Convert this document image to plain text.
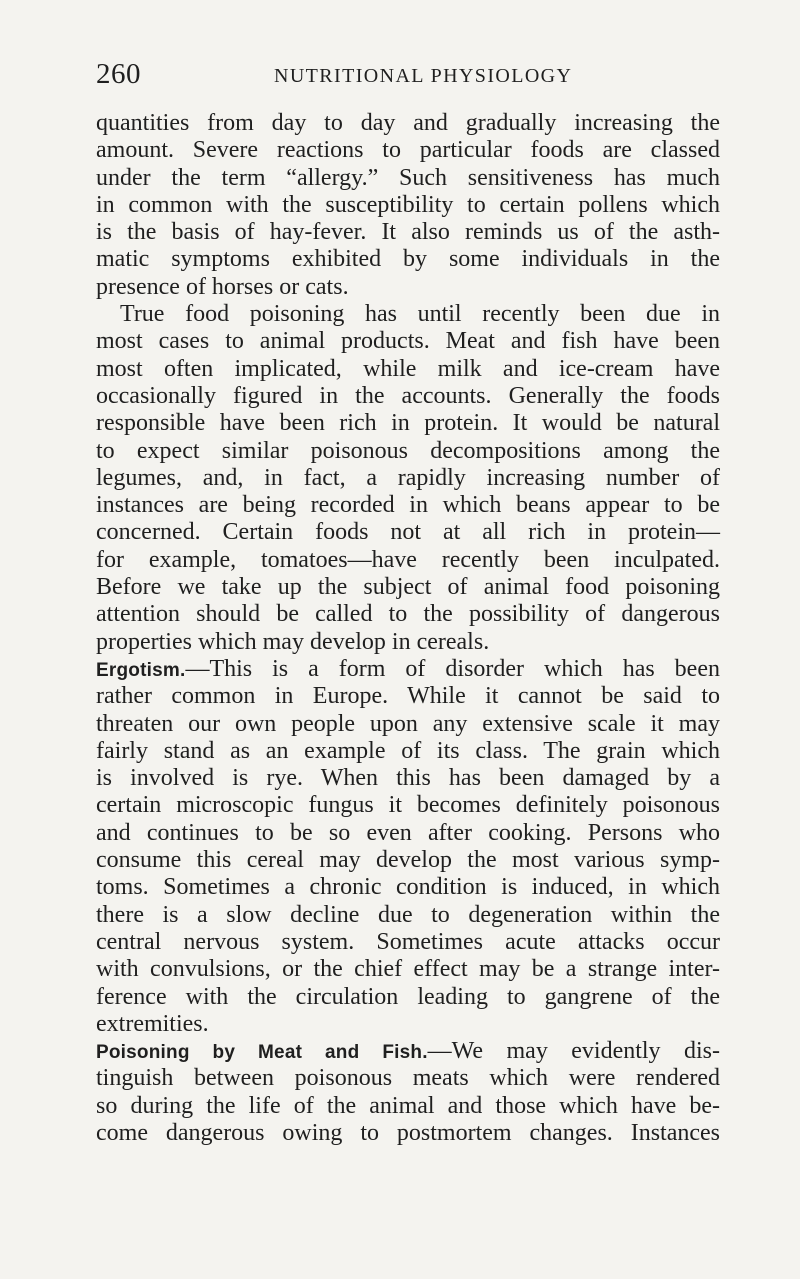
260	NUTRITIONAL PHYSIOLOGY
quantities from day to day and gradually increasing the
amount. Severe reactions to particular foods are classed
under the term “allergy.” Such sensitiveness has much
in common with the susceptibility to certain pollens which
is the basis of hay-fever. It also reminds us of the asth-
matic symptoms exhibited by some individuals in the
presence of horses or cats.
True food poisoning has until recently been due in
most cases to animal products. Meat and fish have been
most often implicated, while milk and ice-cream have
occasionally figured in the accounts. Generally the foods
responsible have been rich in protein. It would be natural
to expect similar poisonous decompositions among the
legumes, and, in fact, a rapidly increasing number of
instances are being recorded in which beans appear to be
concerned. Certain foods not at all rich in protein—
for example, tomatoes—have recently been inculpated.
Before we take up the subject of animal food poisoning
attention should be called to the possibility of dangerous
properties which may develop in cereals.
Ergotism.—This is a form of disorder which has been
rather common in Europe. While it cannot be said to
threaten our own people upon any extensive scale it may
fairly stand as an example of its class. The grain which
is involved is rye. When this has been damaged by a
certain microscopic fungus it becomes definitely poisonous
and continues to be so even after cooking. Persons who
consume this cereal may develop the most various symp-
toms. Sometimes a chronic condition is induced, in which
there is a slow decline due to degeneration within the
central nervous system. Sometimes acute attacks occur
with convulsions, or the chief effect may be a strange inter-
ference with the circulation leading to gangrene of the
extremities.
Poisoning by Meat and Fish.—We may evidently dis-
tinguish between poisonous meats which were rendered
so during the life of the animal and those which have be-
come dangerous owing to postmortem changes. Instances
